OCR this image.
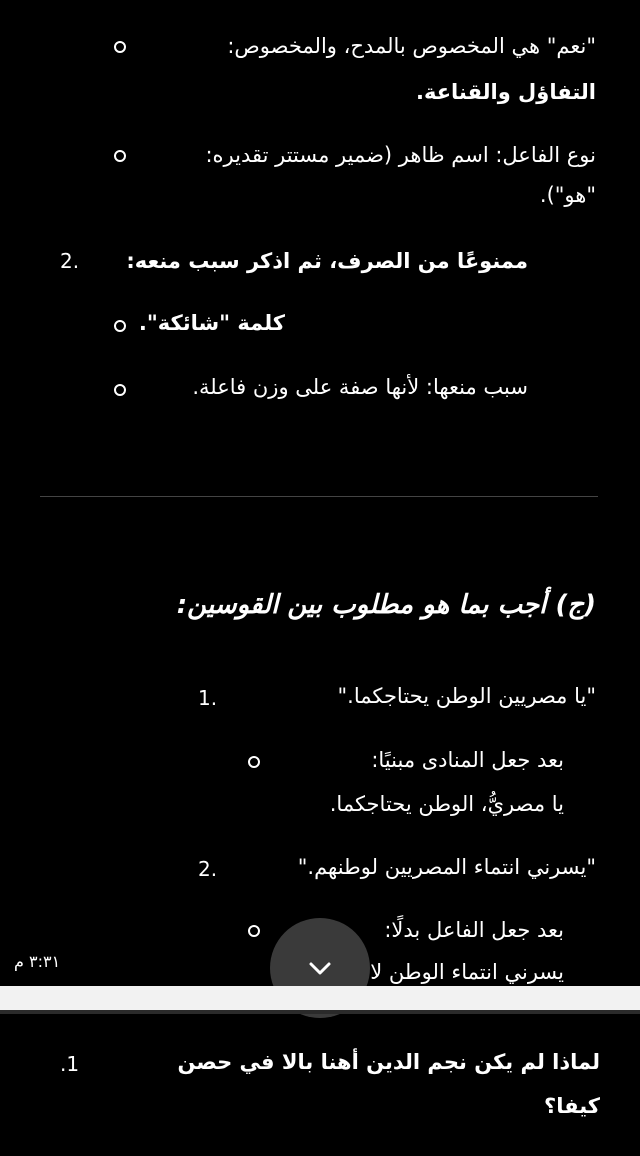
"نعم" هي المخصوص بالمدح، والمخصوص:
التفاؤل والقناعة.
نوع الفاعل: اسم ظاهر (ضمير مستتر تقديره:
"هو").
2. ممنوعًا من الصرف، ثم اذكر سبب منعه:
كلمة "شائكة".
سبب منعها: لأنها صفة على وزن فاعلة.
(ج) أجب بما هو مطلوب بين القوسين:
1.	"يا مصريين الوطن يحتاجكما."
بعد جعل المنادى مبنيًا:
يا مصريُّ، الوطن يحتاجكما.
2.	"يسرني انتماء المصريين لوطنهم."
بعد جعل الفاعل بدلًا:
يسرني انتماء الوطن لا
٣:٣١ م
.1	لماذا لم يكن نجم الدين أهنا بالا في حصن
كيفا؟
